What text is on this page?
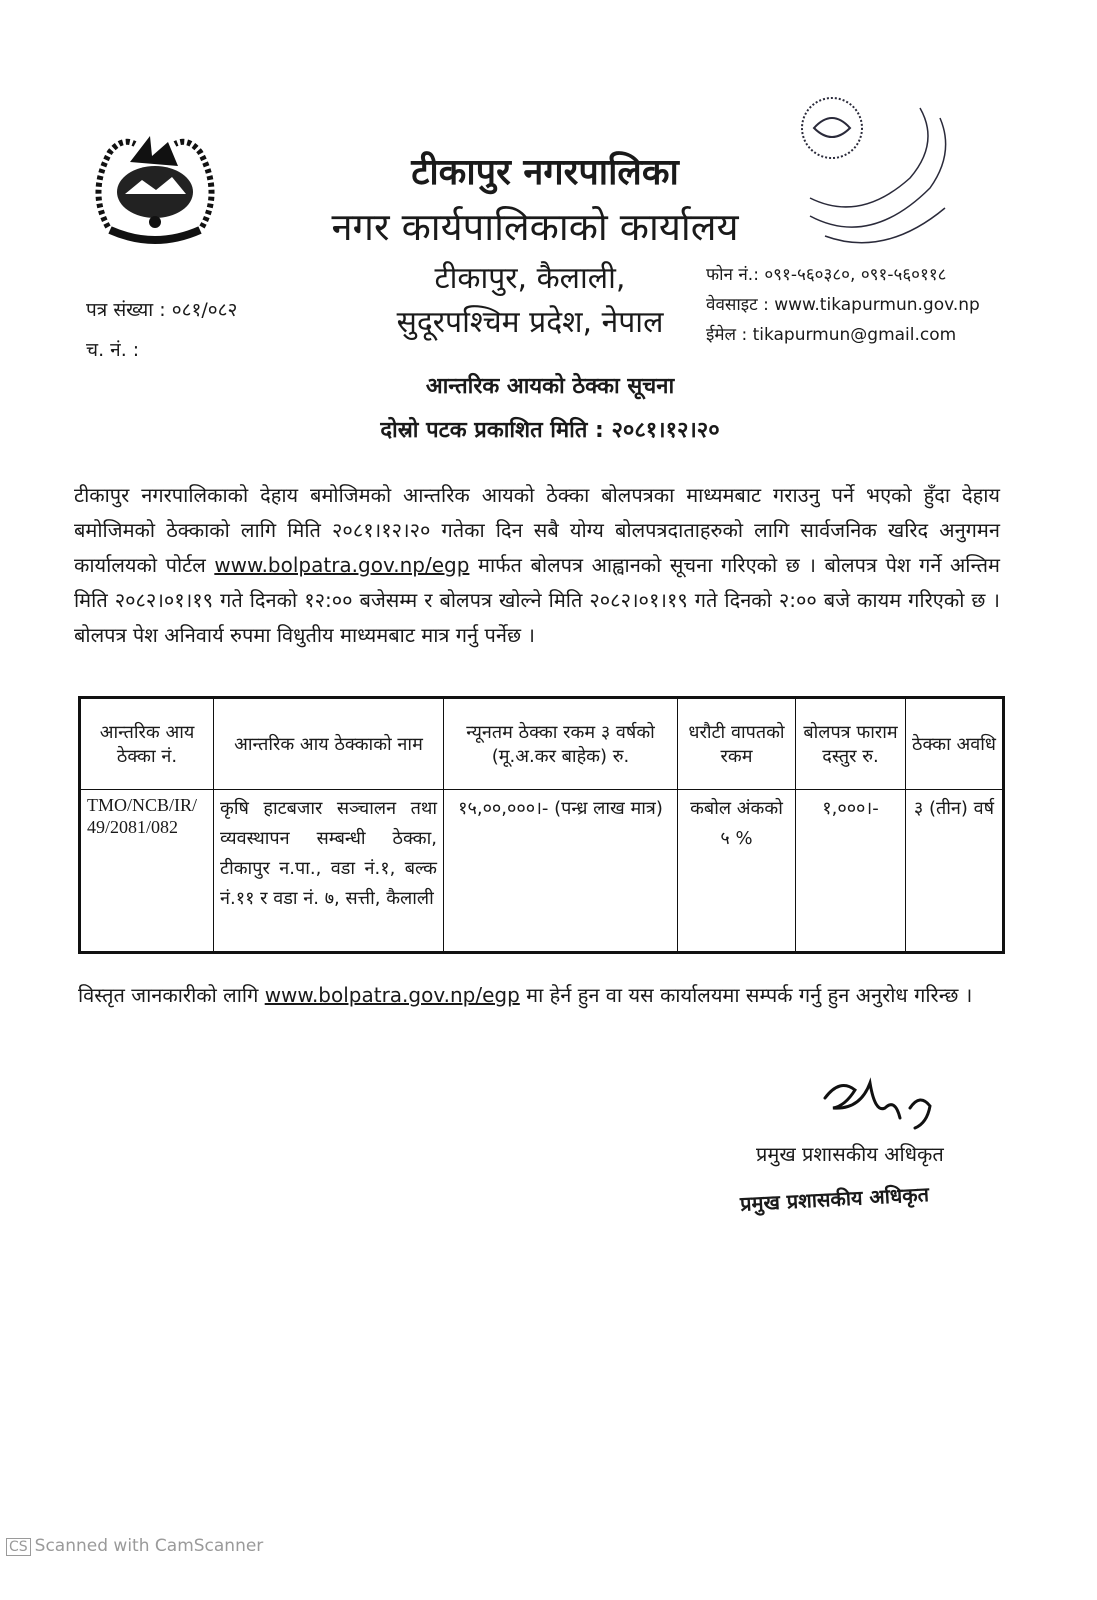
टीकापुर नगरपालिका
नगर कार्यपालिकाको कार्यालय
टीकापुर, कैलाली,
सुदूरपश्चिम प्रदेश, नेपाल
फोन नं.: ०९१-५६०३८०, ०९१-५६०११८
वेवसाइट : www.tikapurmun.gov.np
ईमेल : tikapurmun@gmail.com
पत्र संख्या : ०८१/०८२
च. नं. :
आन्तरिक आयको ठेक्का सूचना
दोस्रो पटक प्रकाशित मिति : २०८१।१२।२०
टीकापुर नगरपालिकाको देहाय बमोजिमको आन्तरिक आयको ठेक्का बोलपत्रका माध्यमबाट गराउनु पर्ने भएको हुँदा देहाय बमोजिमको ठेक्काको लागि मिति २०८१।१२।२० गतेका दिन सबै योग्य बोलपत्रदाताहरुको लागि सार्वजनिक खरिद अनुगमन कार्यालयको पोर्टल www.bolpatra.gov.np/egp मार्फत बोलपत्र आह्वानको सूचना गरिएको छ । बोलपत्र पेश गर्ने अन्तिम मिति २०८२।०१।१९ गते दिनको १२:०० बजेसम्म र बोलपत्र खोल्ने मिति २०८२।०१।१९ गते दिनको २:०० बजे कायम गरिएको छ । बोलपत्र पेश अनिवार्य रुपमा विधुतीय माध्यमबाट मात्र गर्नु पर्नेछ ।
आन्तरिक आय ठेक्का नं.	आन्तरिक आय ठेक्काको नाम	न्यूनतम ठेक्का रकम ३ वर्षको (मू.अ.कर बाहेक) रु.	धरौटी वापतको रकम	बोलपत्र फाराम दस्तुर रु.	ठेक्का अवधि
TMO/NCB/IR/ 49/2081/082	कृषि हाटबजार सञ्चालन तथा व्यवस्थापन सम्बन्धी ठेक्का, टीकापुर न.पा., वडा नं.१, बल्क नं.११ र वडा नं. ७, सत्ती, कैलाली	१५,००,०००।- (पन्ध्र लाख मात्र)	कबोल अंकको ५ %	१,०००।-	३ (तीन) वर्ष
विस्तृत जानकारीको लागि www.bolpatra.gov.np/egp मा हेर्न हुन वा यस कार्यालयमा सम्पर्क गर्नु हुन अनुरोध गरिन्छ ।
प्रमुख प्रशासकीय अधिकृत
प्रमुख प्रशासकीय अधिकृत
CS Scanned with CamScanner
